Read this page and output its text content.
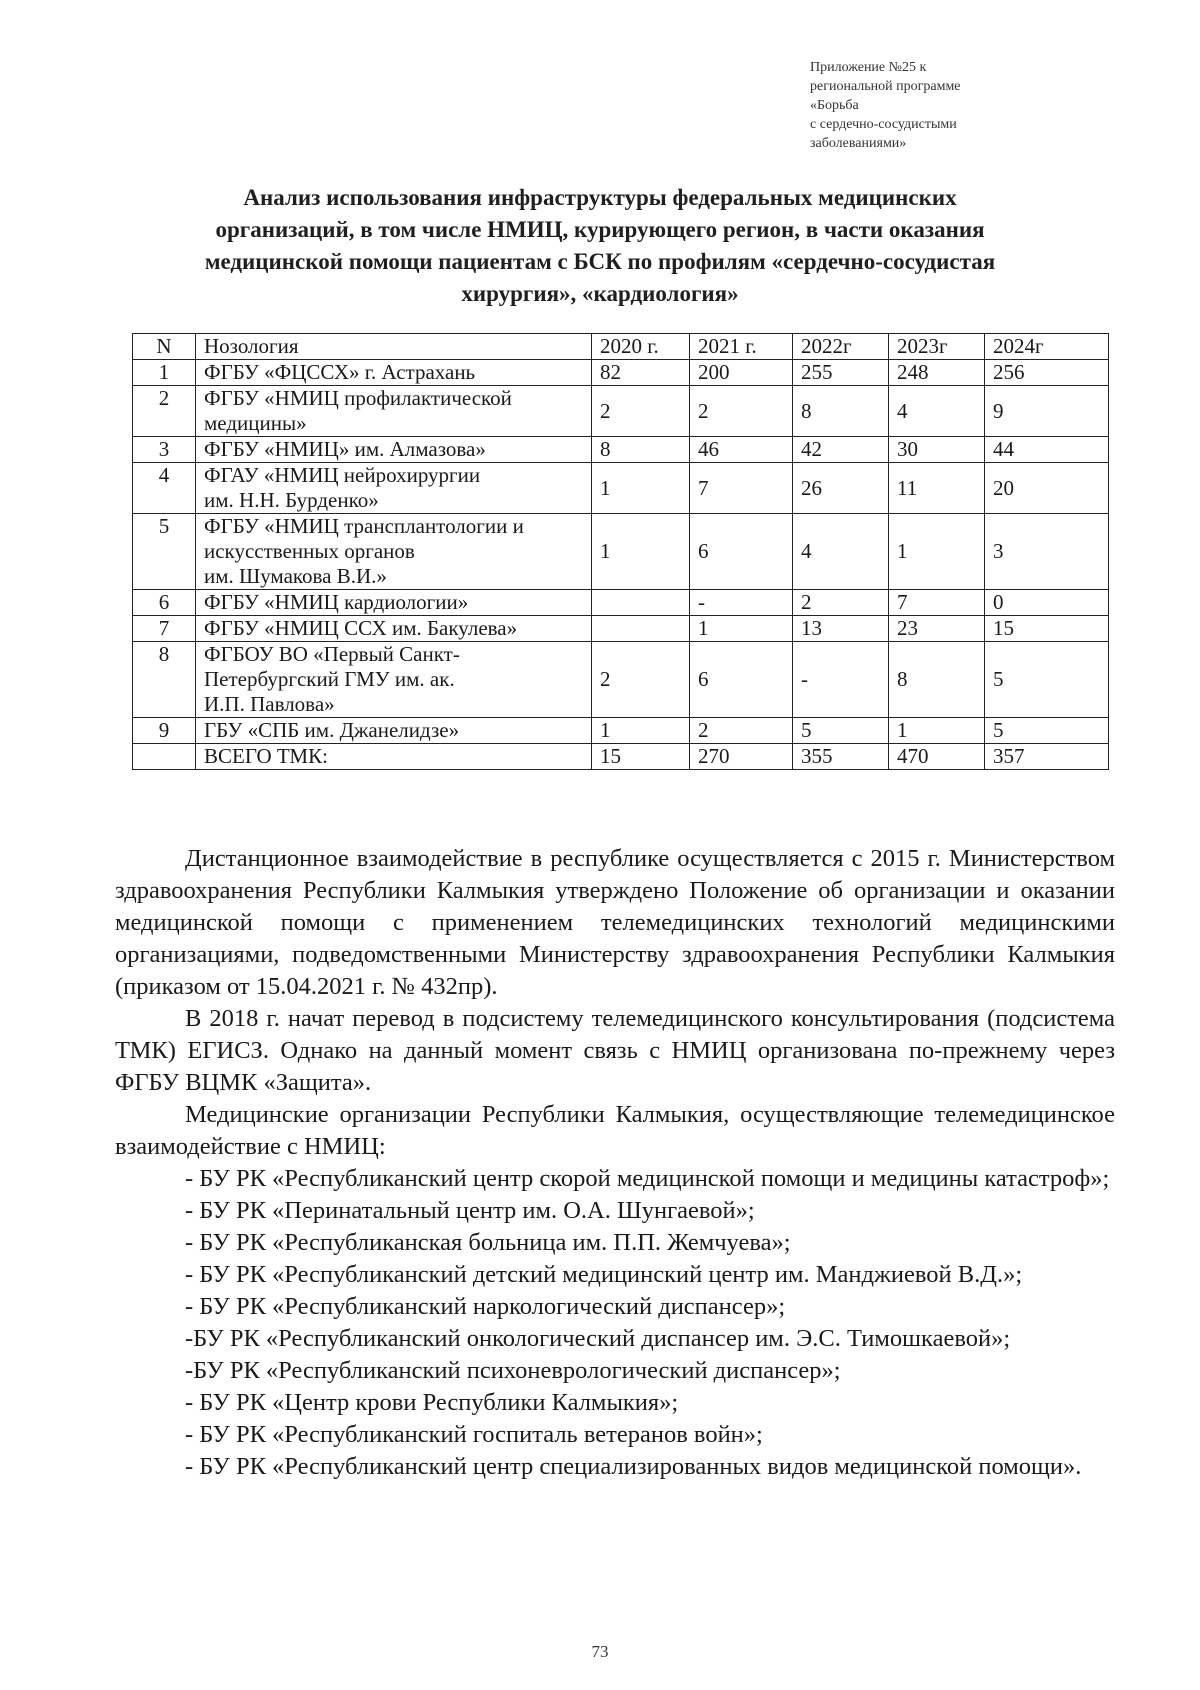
Приложение №25 к
региональной программе
«Борьба
с сердечно-сосудистыми
заболеваниями»
Анализ использования инфраструктуры федеральных медицинских
организаций, в том числе НМИЦ, курирующего регион, в части оказания
медицинской помощи пациентам с БСК по профилям «сердечно-сосудистая
хирургия», «кардиология»
N	Нозология	2020 г.	2021 г.	2022г	2023г	2024г
1	ФГБУ «ФЦССХ» г. Астрахань	82	200	255	248	256
2	ФГБУ «НМИЦ профилактической
медицины»	2	2	8	4	9
3	ФГБУ «НМИЦ» им. Алмазова»	8	46	42	30	44
4	ФГАУ «НМИЦ нейрохирургии
им. Н.Н. Бурденко»	1	7	26	11	20
5	ФГБУ «НМИЦ трансплантологии и
искусственных органов
им. Шумакова В.И.»	1	6	4	1	3
6	ФГБУ «НМИЦ кардиологии»		-	2	7	0
7	ФГБУ «НМИЦ ССХ им. Бакулева»		1	13	23	15
8	ФГБОУ ВО «Первый Санкт-
Петербургский ГМУ им. ак.
И.П. Павлова»	2	6	-	8	5
9	ГБУ «СПБ им. Джанелидзе»	1	2	5	1	5

	ВСЕГО ТМК:	15	270	355	470	357

Дистанционное взаимодействие в республике осуществляется с 2015 г. Министерством здравоохранения Республики Калмыкия утверждено Положение об организации и оказании медицинской помощи с применением телемедицинских технологий медицинскими организациями, подведомственными Министерству здравоохранения Республики Калмыкия (приказом от 15.04.2021 г. № 432пр).

В 2018 г. начат перевод в подсистему телемедицинского консультирования (подсистема ТМК) ЕГИСЗ. Однако на данный момент связь с НМИЦ организована по-прежнему через ФГБУ ВЦМК «Защита».

Медицинские организации Республики Калмыкия, осуществляющие телемедицинское взаимодействие с НМИЦ:

- БУ РК «Республиканский центр скорой медицинской помощи и медицины катастроф»;

- БУ РК «Перинатальный центр им. О.А. Шунгаевой»;

- БУ РК «Республиканская больница им. П.П. Жемчуева»;

- БУ РК «Республиканский детский медицинский центр им. Манджиевой В.Д.»;

- БУ РК «Республиканский наркологический диспансер»;

-БУ РК «Республиканский онкологический диспансер им. Э.С. Тимошкаевой»;

-БУ РК «Республиканский психоневрологический диспансер»;

- БУ РК «Центр крови Республики Калмыкия»;

- БУ РК «Республиканский госпиталь ветеранов войн»;

- БУ РК «Республиканский центр специализированных видов медицинской помощи».

73
